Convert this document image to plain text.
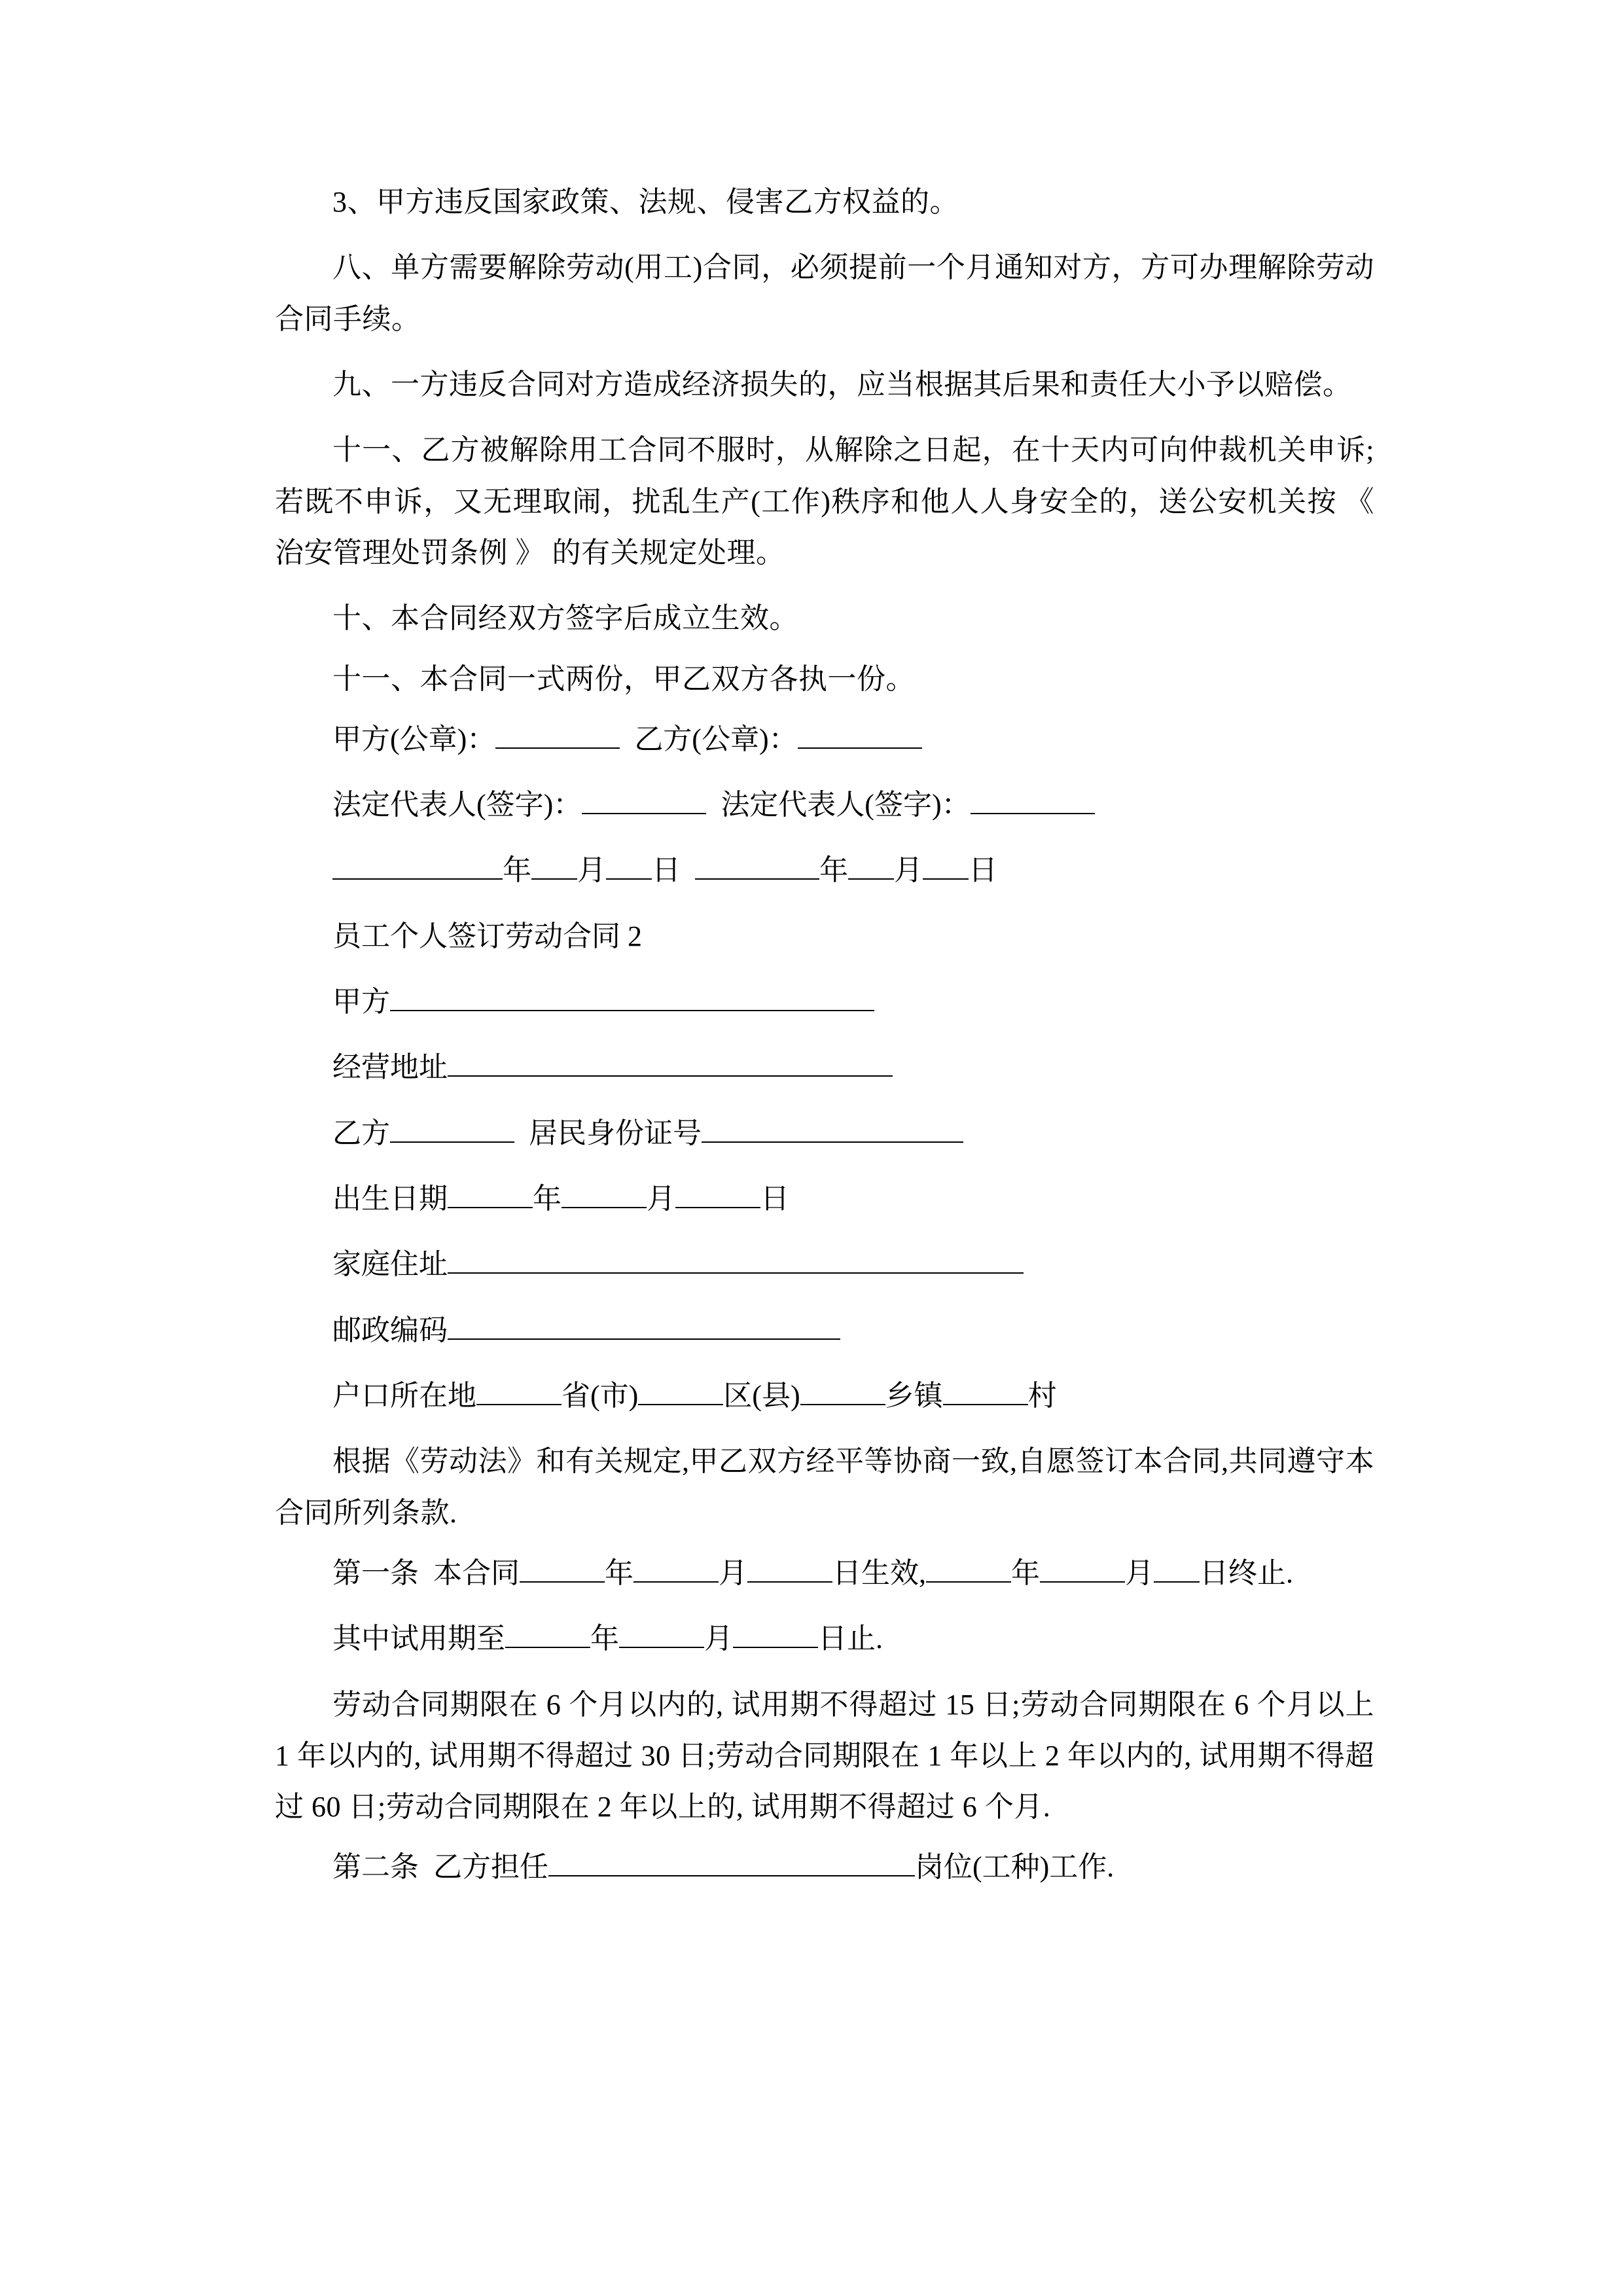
3、甲方违反国家政策、法规、侵害乙方权益的。

八、单方需要解除劳动(用工)合同，必须提前一个月通知对方，方可办理解除劳动合同手续。

九、一方违反合同对方造成经济损失的，应当根据其后果和责任大小予以赔偿。

十一、乙方被解除用工合同不服时，从解除之日起，在十天内可向仲裁机关申诉;若既不申诉，又无理取闹，扰乱生产(工作)秩序和他人人身安全的，送公安机关按 《 治安管理处罚条例 》 的有关规定处理。

十、本合同经双方签字后成立生效。

十一、本合同一式两份，甲乙双方各执一份。

甲方(公章)：	乙方(公章)：

法定代表人(签字)：	法定代表人(签字)：

年 月 日	年 月 日

员工个人签订劳动合同 2

甲方

经营地址

乙方	居民身份证号

出生日期	年	月	日

家庭住址

邮政编码

户口所在地	省(市)	区(县)	乡镇	村

根据《劳动法》和有关规定,甲乙双方经平等协商一致,自愿签订本合同,共同遵守本合同所列条款.

第一条 本合同	年	月	日生效,	年	月 日终止.

其中试用期至	年	月	日止.

劳动合同期限在 6 个月以内的, 试用期不得超过 15 日;劳动合同期限在 6 个月以上 1 年以内的, 试用期不得超过 30 日;劳动合同期限在 1 年以上 2 年以内的, 试用期不得超过 60 日;劳动合同期限在 2 年以上的, 试用期不得超过 6 个月.

第二条 乙方担任	岗位(工种)工作.
